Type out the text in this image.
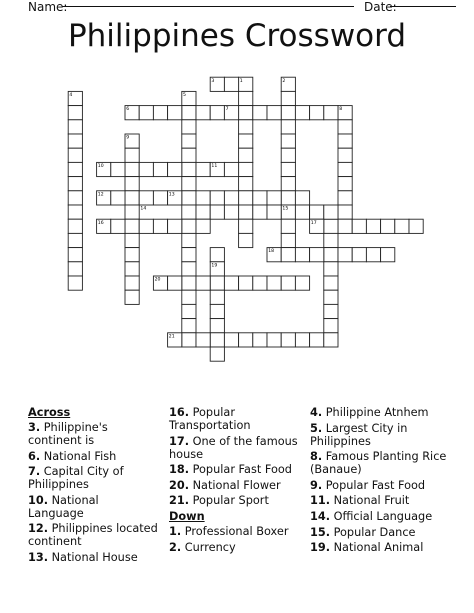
Name:	Date:
Philippines Crossword
1	2
3
4	5
6	7	8
9
10	11
12	13
14	15
16	17
18
19
20
21
Across
3. Philippine's continent is
6. National Fish
7. Capital City of Philippines
10. National Language
12. Philippines located continent
13. National House
16. Popular Transportation
17. One of the famous house
18. Popular Fast Food
20. National Flower
21. Popular Sport
Down
1. Professional Boxer
2. Currency
4. Philippine Atnhem
5. Largest City in Philippines
8. Famous Planting Rice (Banaue)
9. Popular Fast Food
11. National Fruit
14. Official Language
15. Popular Dance
19. National Animal
